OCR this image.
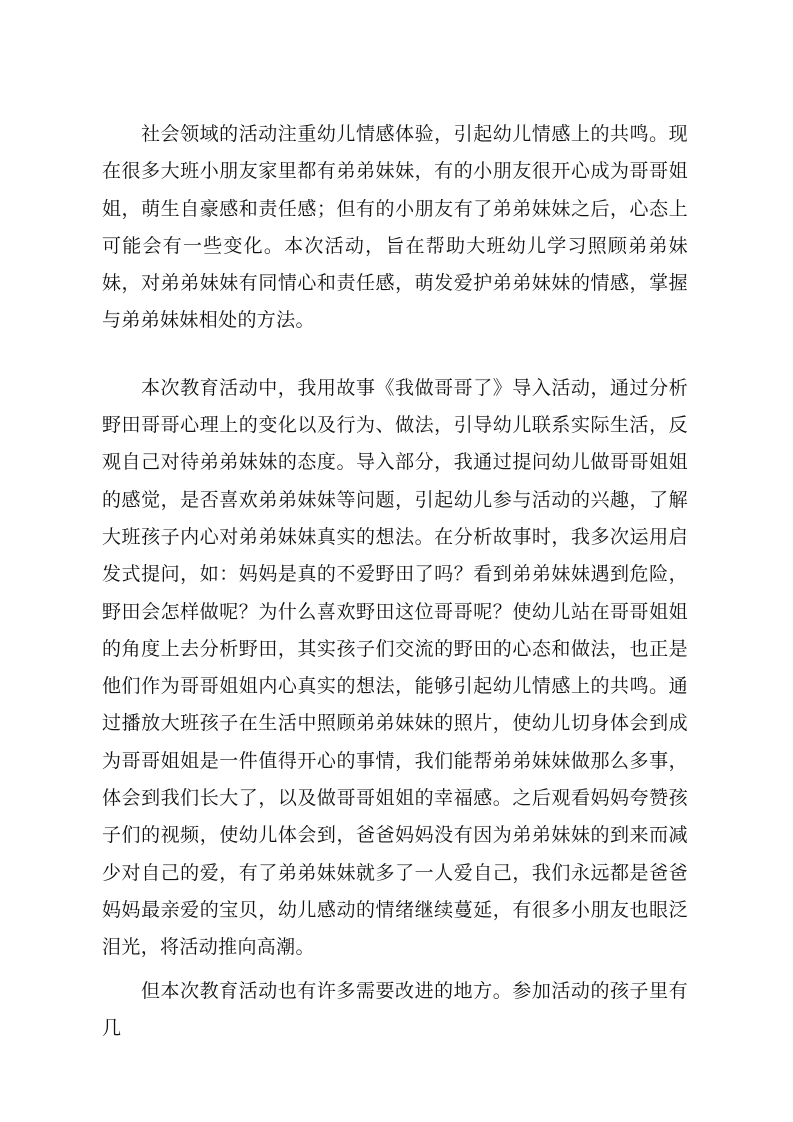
社会领域的活动注重幼儿情感体验，引起幼儿情感上的共鸣。现在很多大班小朋友家里都有弟弟妹妹，有的小朋友很开心成为哥哥姐姐，萌生自豪感和责任感；但有的小朋友有了弟弟妹妹之后，心态上可能会有一些变化。本次活动，旨在帮助大班幼儿学习照顾弟弟妹妹，对弟弟妹妹有同情心和责任感，萌发爱护弟弟妹妹的情感，掌握与弟弟妹妹相处的方法。

本次教育活动中，我用故事《我做哥哥了》导入活动，通过分析野田哥哥心理上的变化以及行为、做法，引导幼儿联系实际生活，反观自己对待弟弟妹妹的态度。导入部分，我通过提问幼儿做哥哥姐姐的感觉，是否喜欢弟弟妹妹等问题，引起幼儿参与活动的兴趣，了解大班孩子内心对弟弟妹妹真实的想法。在分析故事时，我多次运用启发式提问，如：妈妈是真的不爱野田了吗？看到弟弟妹妹遇到危险，野田会怎样做呢？为什么喜欢野田这位哥哥呢？使幼儿站在哥哥姐姐的角度上去分析野田，其实孩子们交流的野田的心态和做法，也正是他们作为哥哥姐姐内心真实的想法，能够引起幼儿情感上的共鸣。通过播放大班孩子在生活中照顾弟弟妹妹的照片，使幼儿切身体会到成为哥哥姐姐是一件值得开心的事情，我们能帮弟弟妹妹做那么多事，体会到我们长大了，以及做哥哥姐姐的幸福感。之后观看妈妈夸赞孩子们的视频，使幼儿体会到，爸爸妈妈没有因为弟弟妹妹的到来而减少对自己的爱，有了弟弟妹妹就多了一人爱自己，我们永远都是爸爸妈妈最亲爱的宝贝，幼儿感动的情绪继续蔓延，有很多小朋友也眼泛泪光，将活动推向高潮。

但本次教育活动也有许多需要改进的地方。参加活动的孩子里有几
